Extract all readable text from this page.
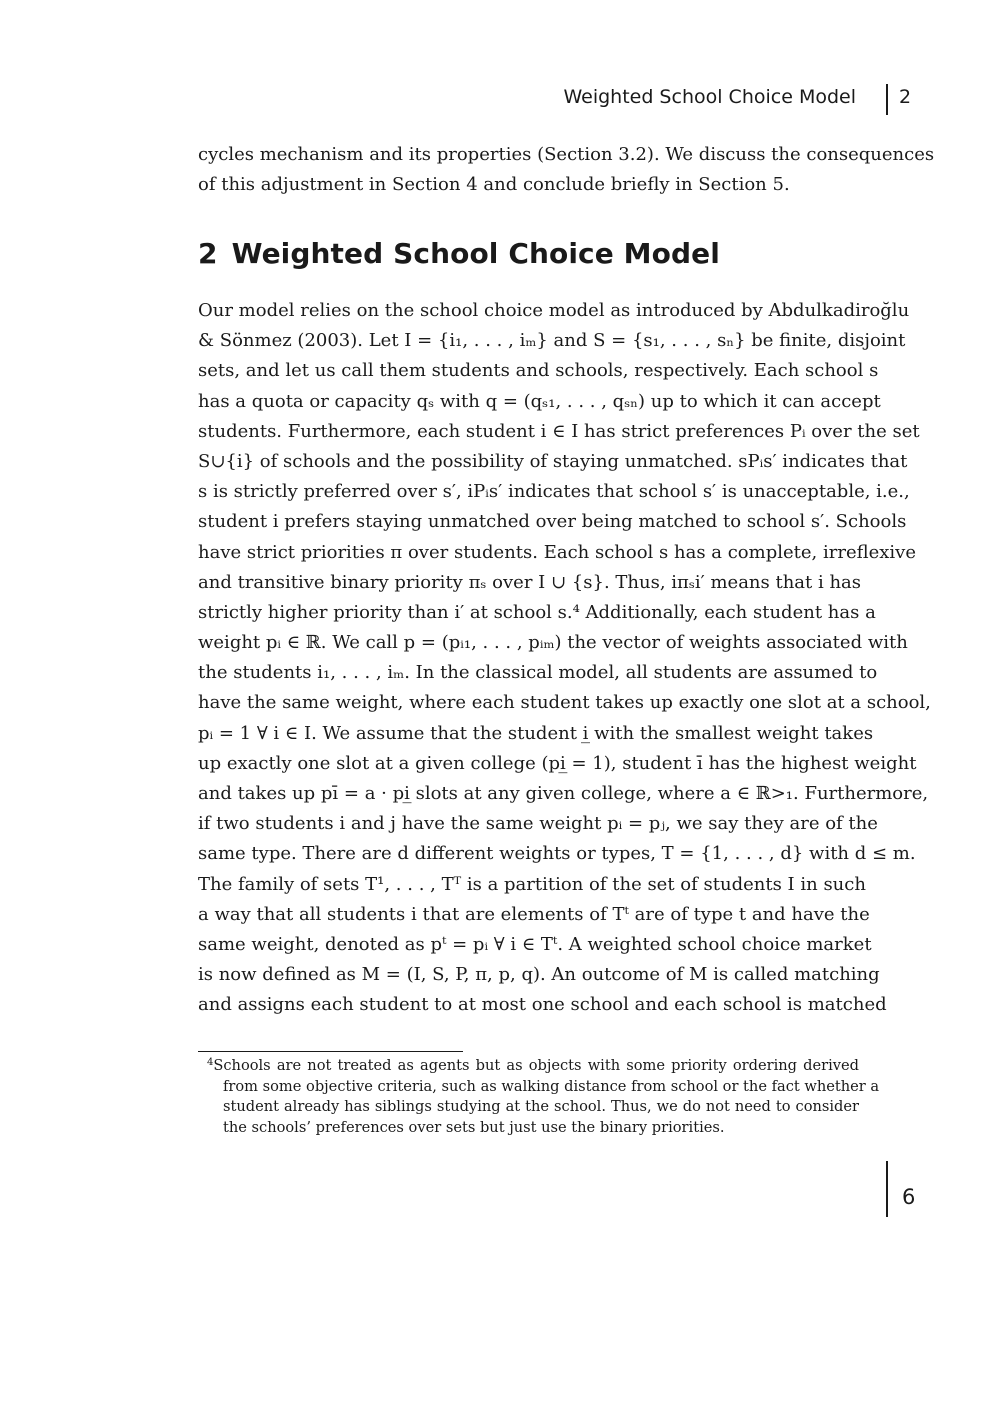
Weighted School Choice Model 2
cycles mechanism and its properties (Section 3.2). We discuss the consequences
of this adjustment in Section 4 and conclude briefly in Section 5.
2 Weighted School Choice Model
Our model relies on the school choice model as introduced by Abdulkadiroğlu
& Sönmez (2003). Let I = {i₁, . . . , iₘ} and S = {s₁, . . . , sₙ} be finite, disjoint
sets, and let us call them students and schools, respectively. Each school s
has a quota or capacity qₛ with q = (qₛ₁, . . . , qₛₙ) up to which it can accept
students. Furthermore, each student i ∈ I has strict preferences Pᵢ over the set
S∪{i} of schools and the possibility of staying unmatched. sPᵢs′ indicates that
s is strictly preferred over s′, iPᵢs′ indicates that school s′ is unacceptable, i.e.,
student i prefers staying unmatched over being matched to school s′. Schools
have strict priorities π over students. Each school s has a complete, irreflexive
and transitive binary priority πₛ over I ∪ {s}. Thus, iπₛi′ means that i has
strictly higher priority than i′ at school s.⁴ Additionally, each student has a
weight pᵢ ∈ ℝ. We call p = (pᵢ₁, . . . , pᵢₘ) the vector of weights associated with
the students i₁, . . . , iₘ. In the classical model, all students are assumed to
have the same weight, where each student takes up exactly one slot at a school,
pᵢ = 1 ∀ i ∈ I. We assume that the student i̲ with the smallest weight takes
up exactly one slot at a given college (pi̲ = 1), student ī has the highest weight
and takes up pī = a · pi̲ slots at any given college, where a ∈ ℝ>₁. Furthermore,
if two students i and j have the same weight pᵢ = pⱼ, we say they are of the
same type. There are d different weights or types, T = {1, . . . , d} with d ≤ m.
The family of sets T¹, . . . , Tᵀ is a partition of the set of students I in such
a way that all students i that are elements of Tᵗ are of type t and have the
same weight, denoted as pᵗ = pᵢ ∀ i ∈ Tᵗ. A weighted school choice market
is now defined as M = (I, S, P, π, p, q). An outcome of M is called matching
and assigns each student to at most one school and each school is matched
$^4$Schools are not treated as agents but as objects with some priority ordering derived
from some objective criteria, such as walking distance from school or the fact whether a
student already has siblings studying at the school. Thus, we do not need to consider
the schools’ preferences over sets but just use the binary priorities.
6
